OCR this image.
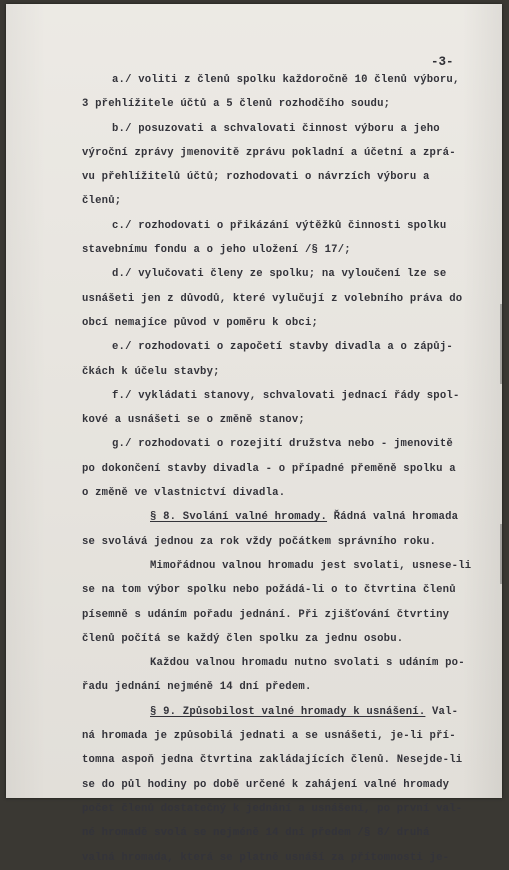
-3-
a./ voliti z členů spolku každoročně 10 členů výboru,
3 přehlížitele účtů a 5 členů rozhodčího soudu;
b./ posuzovati a schvalovati činnost výboru a jeho
výroční zprávy jmenovitě zprávu pokladní a účetní a zprá-
vu přehlížitelů účtů; rozhodovati o návrzích výboru a
členů;
c./ rozhodovati o přikázání výtěžků činnosti spolku
stavebnímu fondu a o jeho uložení /§ 17/;
d./ vylučovati členy ze spolku; na vyloučení lze se
usnášeti jen z důvodů, které vylučují z volebního práva do
obcí nemajíce původ v poměru k obci;
e./ rozhodovati o započetí stavby divadla a o zápůj-
čkách k účelu stavby;
f./ vykládati stanovy, schvalovati jednací řády spol-
kové a usnášeti se o změně stanov;
g./ rozhodovati o rozejití družstva nebo - jmenovitě
po dokončení stavby divadla - o případné přeměně spolku a
o změně ve vlastnictví divadla.
§ 8. Svolání valné hromady. Řádná valná hromada
se svolává jednou za rok vždy počátkem správního roku.
Mimořádnou valnou hromadu jest svolati, usnese-li
se na tom výbor spolku nebo požádá-li o to čtvrtina členů
písemně s udáním pořadu jednání. Při zjišťování čtvrtiny
členů počítá se každý člen spolku za jednu osobu.
Každou valnou hromadu nutno svolati s udáním po-
řadu jednání nejméně 14 dní předem.
§ 9. Způsobilost valné hromady k usnášení. Val-
ná hromada je způsobilá jednati a se usnášeti, je-li pří-
tomna aspoň jedna čtvrtina zakládajících členů. Nesejde-li
se do půl hodiny po době určené k zahájení valné hromady
počet členů dostatečný k jednání a usnášení, po první val-
né hromadě svolá se nejméně 14 dní předem /§ 8/ druhá
valná hromada, která se platně usnáší za přítomnosti je-
